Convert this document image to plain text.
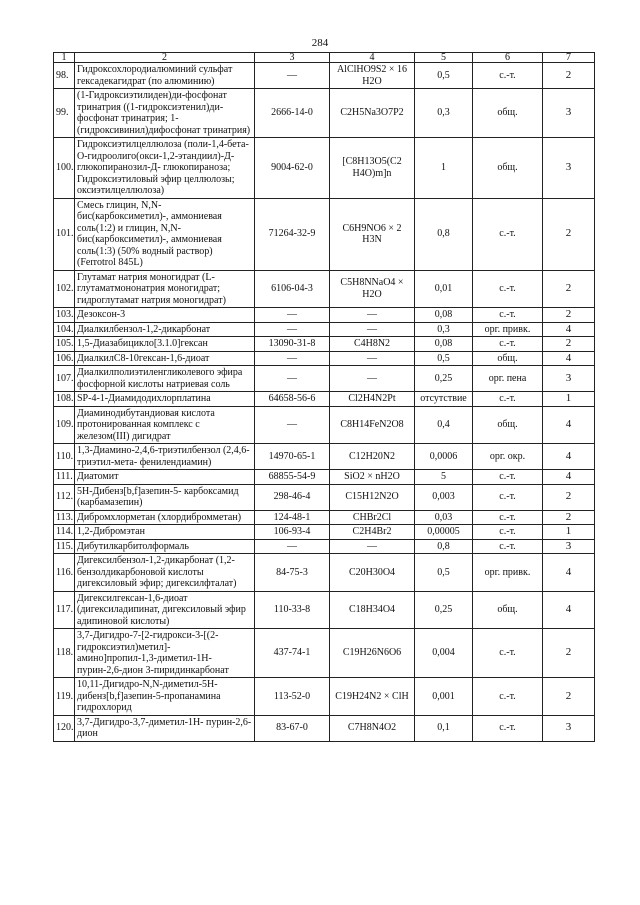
284
1	2	3	4	5	6	7
98.	Гидроксохлородиалюминий сульфат гексадекагидрат (по алюминию)	—	AlClHO9S2 × 16 H2O	0,5	с.-т.	2
99.	(1-Гидроксиэтилиден)ди-фосфонат тринатрия ((1-гидроксиэтенил)ди-фосфонат тринатрия; 1-(гидроксивинил)дифосфонат тринатрия)	2666-14-0	C2H5Na3O7P2	0,3	общ.	3
100.	Гидроксиэтилцеллюлоза (поли-1,4-бета-О-гидроолиго(окси-1,2-этандиил)-Д-глюкопиранозил-Д- глюкопираноза; Гидроксиэтиловый эфир целлюлозы; оксиэтилцеллюлоза)	9004-62-0	[C8H13O5(C2 H4O)m]n	1	общ.	3
101.	Смесь глицин, N,N-бис(карбоксиметил)-, аммониевая соль(1:2) и глицин, N,N-бис(карбоксиметил)-, аммониевая соль(1:3) (50% водный раствор) (Ferrotrol 845L)	71264-32-9	C6H9NO6 × 2 H3N	0,8	с.-т.	2
102.	Глутамат натрия моногидрат (L-глутаматмононатрия моногидрат; гидроглутамат натрия моногидрат)	6106-04-3	C5H8NNaO4 × H2O	0,01	с.-т.	2
103.	Дезоксон-3	—	—	0,08	с.-т.	2
104.	Диалкилбензол-1,2-дикарбонат	—	—	0,3	орг. привк.	4
105.	1,5-Диазабицикло[3.1.0]гексан	13090-31-8	C4H8N2	0,08	с.-т.	2
106.	ДиалкилС8-10гексан-1,6-диоат	—	—	0,5	общ.	4
107.	Диалкилполиэтиленгликолевого эфира фосфорной кислоты натриевая соль	—	—	0,25	орг. пена	3
108.	SP-4-1-Диамидодихлорплатина	64658-56-6	Cl2H4N2Pt	отсутствие	с.-т.	1
109.	Диаминодибутандиовая кислота протонированная комплекс с железом(III) дигидрат	—	C8H14FeN2O8	0,4	общ.	4
110.	1,3-Диамино-2,4,6-триэтилбензол (2,4,6-триэтил-мета- фенилендиамин)	14970-65-1	C12H20N2	0,0006	орг. окр.	4
111.	Диатомит	68855-54-9	SiO2 × nH2O	5	с.-т.	4
112.	5Н-Дибенз[b,f]азепин-5- карбоксамид (карбамазепин)	298-46-4	C15H12N2O	0,003	с.-т.	2
113.	Дибромхлорметан (хлордибромметан)	124-48-1	CHBr2Cl	0,03	с.-т.	2
114.	1,2-Дибромэтан	106-93-4	C2H4Br2	0,00005	с.-т.	1
115.	Дибутилкарбитолформаль	—	—	0,8	с.-т.	3
116.	Дигексилбензол-1,2-дикарбонат (1,2-бензолдикарбоновой кислоты дигексиловый эфир; дигексилфталат)	84-75-3	C20H30O4	0,5	орг. привк.	4
117.	Дигексилгексан-1,6-диоат (дигексиладипинат, дигексиловый эфир адипиновой кислоты)	110-33-8	C18H34O4	0,25	общ.	4
118.	3,7-Дигидро-7-[2-гидрокси-3-[(2-гидроксиэтил)метил]- амино]пропил-1,3-диметил-1Н- пурин-2,6-дион 3-пиридинкарбонат	437-74-1	C19H26N6O6	0,004	с.-т.	2
119.	10,11-Дигидро-N,N-диметил-5Н-дибенз[b,f]азепин-5-пропанамина гидрохлорид	113-52-0	C19H24N2 × ClH	0,001	с.-т.	2
120.	3,7-Дигидро-3,7-диметил-1Н- пурин-2,6-дион	83-67-0	C7H8N4O2	0,1	с.-т.	3
